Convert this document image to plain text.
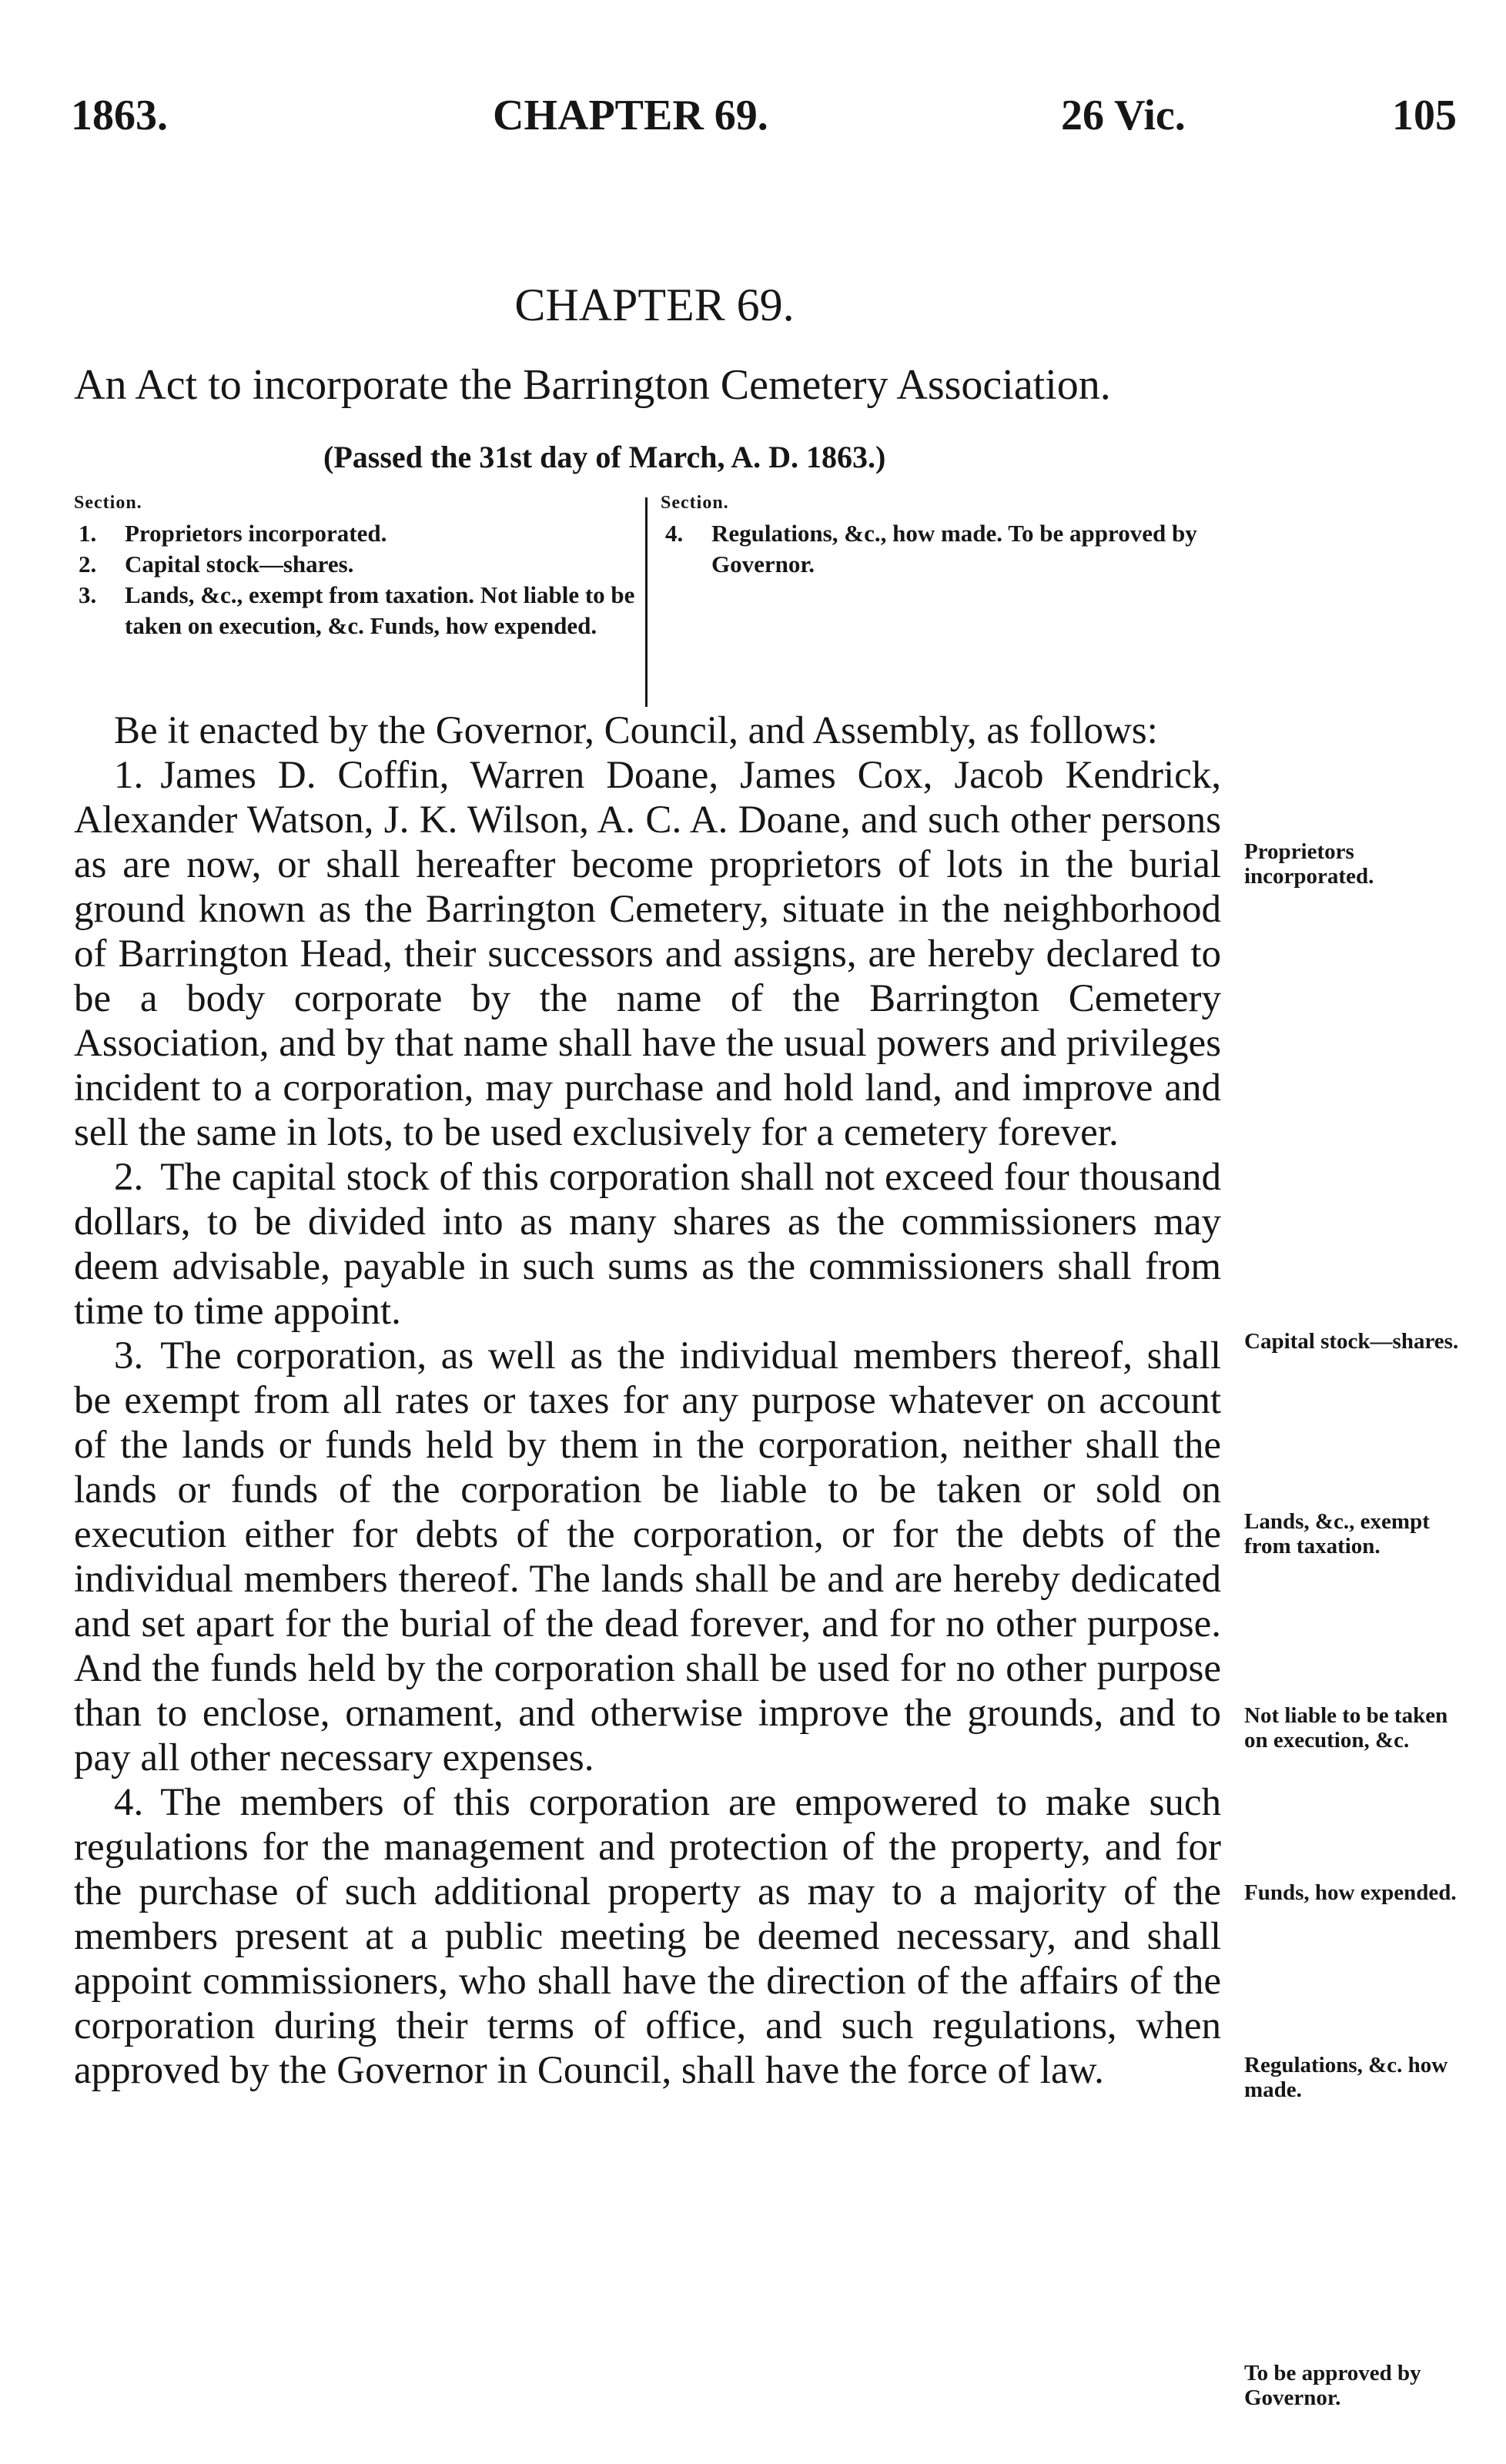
1863.	CHAPTER 69.	26 Vic.	105
CHAPTER 69.
An Act to incorporate the Barrington Cemetery Association.
(Passed the 31st day of March, A. D. 1863.)
Section.
1. Proprietors incorporated.
2. Capital stock—shares.
3. Lands, &c., exempt from taxation. Not liable to be taken on execution, &c. Funds, how expended.
Section.
4. Regulations, &c., how made. To be approved by Governor.

Be it enacted by the Governor, Council, and Assembly, as follows:

1. James D. Coffin, Warren Doane, James Cox, Jacob Kendrick, Alexander Watson, J. K. Wilson, A. C. A. Doane, and such other persons as are now, or shall hereafter become proprietors of lots in the burial ground known as the Barrington Cemetery, situate in the neighborhood of Barrington Head, their successors and assigns, are hereby declared to be a body corporate by the name of the Barrington Cemetery Association, and by that name shall have the usual powers and privileges incident to a corporation, may purchase and hold land, and improve and sell the same in lots, to be used exclusively for a cemetery forever.

2. The capital stock of this corporation shall not exceed four thousand dollars, to be divided into as many shares as the commissioners may deem advisable, payable in such sums as the commissioners shall from time to time appoint.

3. The corporation, as well as the individual members thereof, shall be exempt from all rates or taxes for any purpose whatever on account of the lands or funds held by them in the corporation, neither shall the lands or funds of the corporation be liable to be taken or sold on execution either for debts of the corporation, or for the debts of the individual members thereof. The lands shall be and are hereby dedicated and set apart for the burial of the dead forever, and for no other purpose. And the funds held by the corporation shall be used for no other purpose than to enclose, ornament, and otherwise improve the grounds, and to pay all other necessary expenses.

4. The members of this corporation are empowered to make such regulations for the management and protection of the property, and for the purchase of such additional property as may to a majority of the members present at a public meeting be deemed necessary, and shall appoint commissioners, who shall have the direction of the affairs of the corporation during their terms of office, and such regulations, when approved by the Governor in Council, shall have the force of law.

Proprietors incorporated.
Capital stock—shares.
Lands, &c., exempt from taxation.
Not liable to be taken on execution, &c.
Funds, how expended.
Regulations, &c. how made.
To be approved by Governor.
